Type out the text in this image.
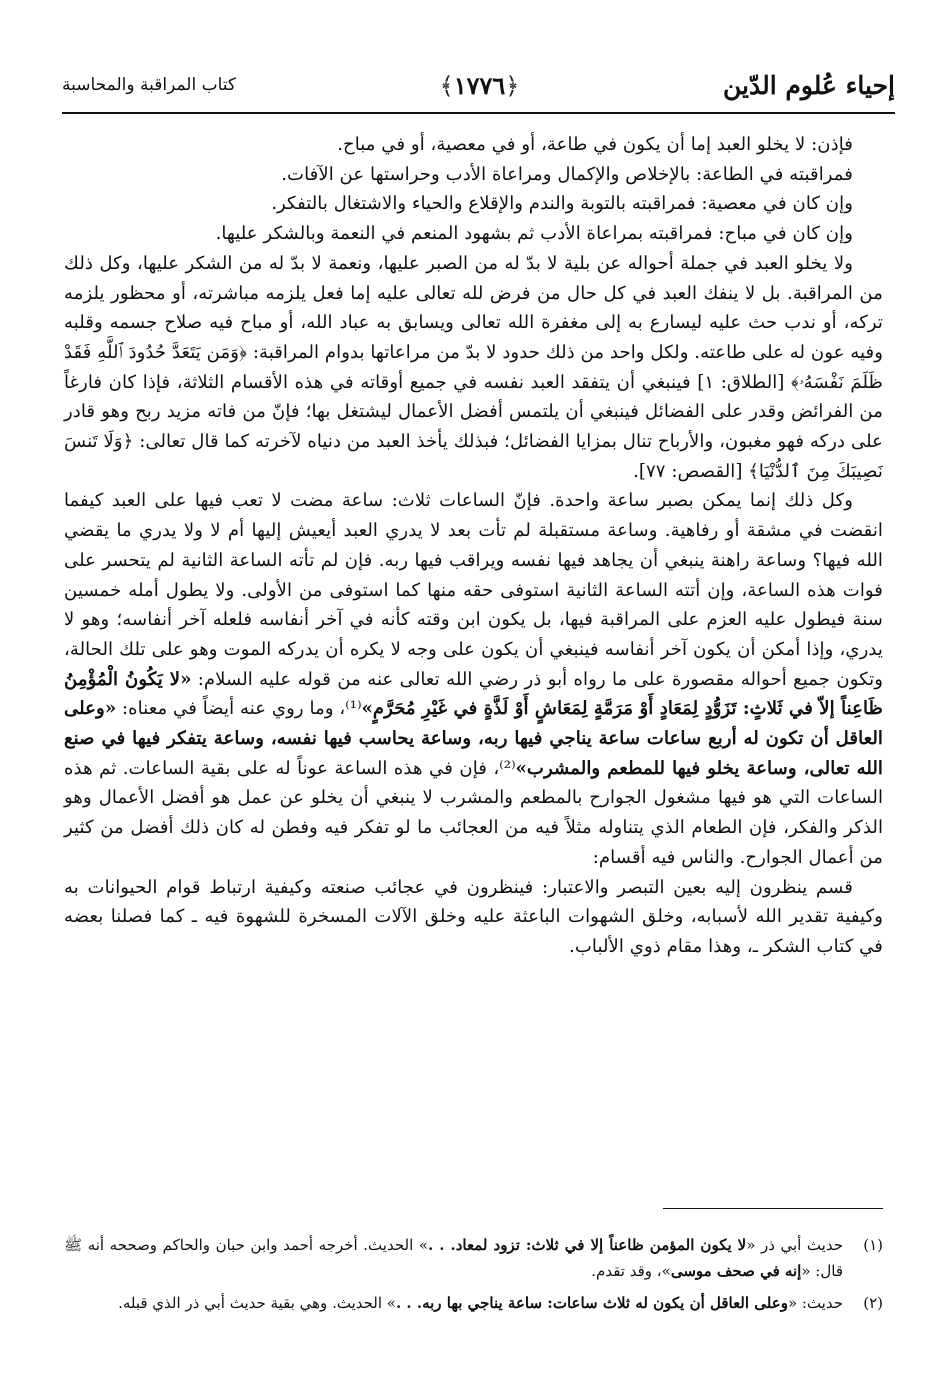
إحياء عُلوم الدّين
﴿١٧٧٦﴾
كتاب المراقبة والمحاسبة

فإذن: لا يخلو العبد إما أن يكون في طاعة، أو في معصية، أو في مباح.

فمراقبته في الطاعة: بالإخلاص والإكمال ومراعاة الأدب وحراستها عن الآفات.

وإن كان في معصية: فمراقبته بالتوبة والندم والإقلاع والحياء والاشتغال بالتفكر.

وإن كان في مباح: فمراقبته بمراعاة الأدب ثم بشهود المنعم في النعمة وبالشكر عليها.

ولا يخلو العبد في جملة أحواله عن بلية لا بدّ له من الصبر عليها، ونعمة لا بدّ له من الشكر عليها، وكل ذلك من المراقبة. بل لا ينفك العبد في كل حال من فرض لله تعالى عليه إما فعل يلزمه مباشرته، أو محظور يلزمه تركه، أو ندب حث عليه ليسارع به إلى مغفرة الله تعالى ويسابق به عباد الله، أو مباح فيه صلاح جسمه وقلبه وفيه عون له على طاعته. ولكل واحد من ذلك حدود لا بدّ من مراعاتها بدوام المراقبة: ﴿وَمَن يَتَعَدَّ حُدُودَ ٱللَّهِ فَقَدْ ظَلَمَ نَفْسَهُۥ﴾ [الطلاق: ١] فينبغي أن يتفقد العبد نفسه في جميع أوقاته في هذه الأقسام الثلاثة، فإذا كان فارغاً من الفرائض وقدر على الفضائل فينبغي أن يلتمس أفضل الأعمال ليشتغل بها؛ فإنّ من فاته مزيد ربح وهو قادر على دركه فهو مغبون، والأرباح تنال بمزايا الفضائل؛ فبذلك يأخذ العبد من دنياه لآخرته كما قال تعالى: ﴿وَلَا تَنسَ نَصِيبَكَ مِنَ ٱلدُّنْيَا﴾ [القصص: ٧٧].

وكل ذلك إنما يمكن بصبر ساعة واحدة. فإنّ الساعات ثلاث: ساعة مضت لا تعب فيها على العبد كيفما انقضت في مشقة أو رفاهية. وساعة مستقبلة لم تأت بعد لا يدري العبد أيعيش إليها أم لا ولا يدري ما يقضي الله فيها؟ وساعة راهنة ينبغي أن يجاهد فيها نفسه ويراقب فيها ربه. فإن لم تأته الساعة الثانية لم يتحسر على فوات هذه الساعة، وإن أتته الساعة الثانية استوفى حقه منها كما استوفى من الأولى. ولا يطول أمله خمسين سنة فيطول عليه العزم على المراقبة فيها، بل يكون ابن وقته كأنه في آخر أنفاسه فلعله آخر أنفاسه؛ وهو لا يدري، وإذا أمكن أن يكون آخر أنفاسه فينبغي أن يكون على وجه لا يكره أن يدركه الموت وهو على تلك الحالة، وتكون جميع أحواله مقصورة على ما رواه أبو ذر رضي الله تعالى عنه من قوله عليه السلام: «لا يَكُونُ الْمُؤْمِنُ ظَاعِناً إلاّ في ثَلاثٍ: تَزَوُّدٍ لِمَعَادٍ أَوْ مَرَمَّةٍ لِمَعَاشٍ أَوْ لَذَّةٍ في غَيْرِ مُحَرَّمٍ»⁽¹⁾، وما روي عنه أيضاً في معناه: «وعلى العاقل أن تكون له أربع ساعات ساعة يناجي فيها ربه، وساعة يحاسب فيها نفسه، وساعة يتفكر فيها في صنع الله تعالى، وساعة يخلو فيها للمطعم والمشرب»⁽²⁾، فإن في هذه الساعة عوناً له على بقية الساعات. ثم هذه الساعات التي هو فيها مشغول الجوارح بالمطعم والمشرب لا ينبغي أن يخلو عن عمل هو أفضل الأعمال وهو الذكر والفكر، فإن الطعام الذي يتناوله مثلاً فيه من العجائب ما لو تفكر فيه وفطن له كان ذلك أفضل من كثير من أعمال الجوارح. والناس فيه أقسام:

قسم ينظرون إليه بعين التبصر والاعتبار: فينظرون في عجائب صنعته وكيفية ارتباط قوام الحيوانات به وكيفية تقدير الله لأسبابه، وخلق الشهوات الباعثة عليه وخلق الآلات المسخرة للشهوة فيه ـ كما فصلنا بعضه في كتاب الشكر ـ، وهذا مقام ذوي الألباب.

(١)
حديث أبي ذر «لا يكون المؤمن ظاعناً إلا في ثلاث: تزود لمعاد. . .» الحديث. أخرجه أحمد وابن حبان والحاكم وصححه أنه ﷺ قال: «إنه في صحف موسى»، وقد تقدم.
(٢)
حديث: «وعلى العاقل أن يكون له ثلاث ساعات: ساعة يناجي بها ربه. . .» الحديث. وهي بقية حديث أبي ذر الذي قبله.
